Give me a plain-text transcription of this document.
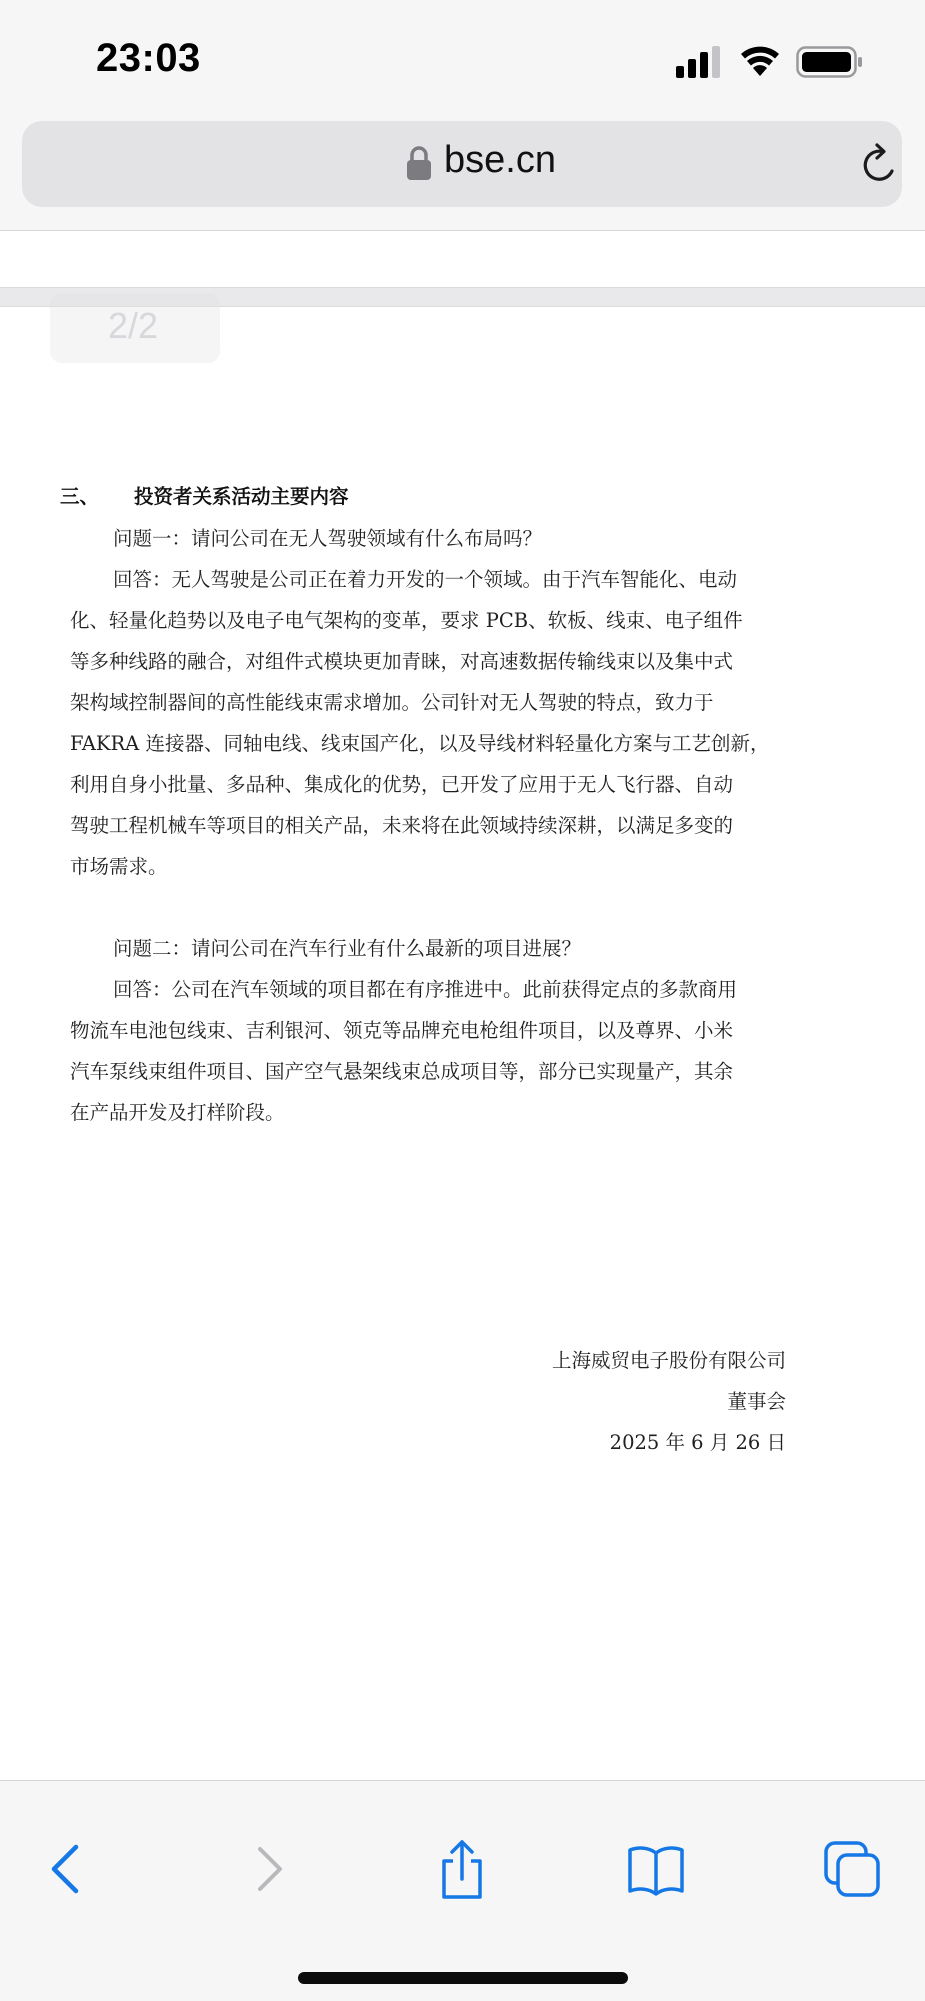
23:03
bse.cn
2/2
三、 投资者关系活动主要内容
问题一：请问公司在无人驾驶领域有什么布局吗？
回答：无人驾驶是公司正在着力开发的一个领域。由于汽车智能化、电动
化、轻量化趋势以及电子电气架构的变革，要求 PCB、软板、线束、电子组件
等多种线路的融合，对组件式模块更加青睐，对高速数据传输线束以及集中式
架构域控制器间的高性能线束需求增加。公司针对无人驾驶的特点，致力于
FAKRA 连接器、同轴电线、线束国产化，以及导线材料轻量化方案与工艺创新，
利用自身小批量、多品种、集成化的优势，已开发了应用于无人飞行器、自动
驾驶工程机械车等项目的相关产品，未来将在此领域持续深耕，以满足多变的
市场需求。
问题二：请问公司在汽车行业有什么最新的项目进展？
回答：公司在汽车领域的项目都在有序推进中。此前获得定点的多款商用
物流车电池包线束、吉利银河、领克等品牌充电枪组件项目，以及尊界、小米
汽车泵线束组件项目、国产空气悬架线束总成项目等，部分已实现量产，其余
在产品开发及打样阶段。
上海威贸电子股份有限公司
董事会
2025 年 6 月 26 日
